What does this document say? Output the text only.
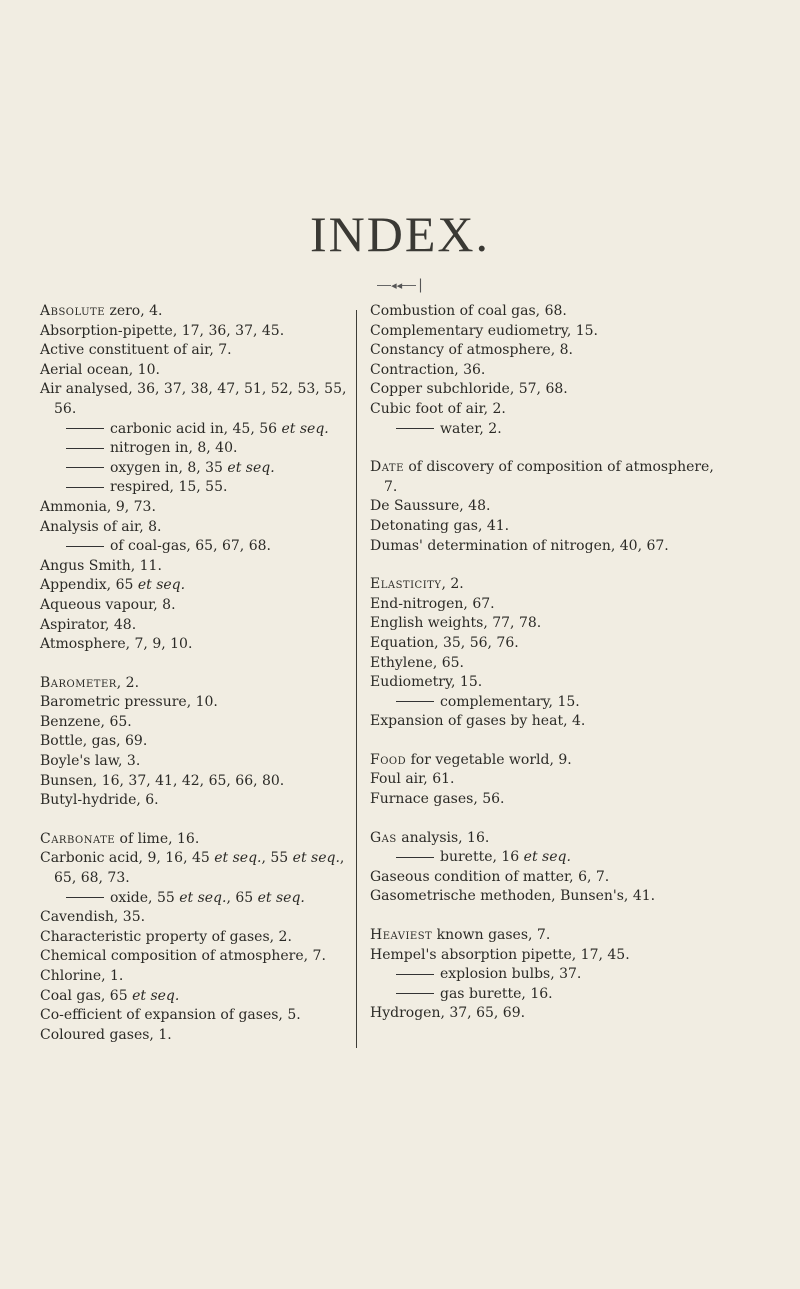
INDEX.
◂◂ |
Absolute zero, 4.
Absorption-pipette, 17, 36, 37, 45.
Active constituent of air, 7.
Aerial ocean, 10.
Air analysed, 36, 37, 38, 47, 51, 52, 53, 55, 56.
carbonic acid in, 45, 56 et seq.
nitrogen in, 8, 40.
oxygen in, 8, 35 et seq.
respired, 15, 55.
Ammonia, 9, 73.
Analysis of air, 8.
of coal-gas, 65, 67, 68.
Angus Smith, 11.
Appendix, 65 et seq.
Aqueous vapour, 8.
Aspirator, 48.
Atmosphere, 7, 9, 10.
Barometer, 2.
Barometric pressure, 10.
Benzene, 65.
Bottle, gas, 69.
Boyle's law, 3.
Bunsen, 16, 37, 41, 42, 65, 66, 80.
Butyl-hydride, 6.
Carbonate of lime, 16.
Carbonic acid, 9, 16, 45 et seq., 55 et seq., 65, 68, 73.
oxide, 55 et seq., 65 et seq.
Cavendish, 35.
Characteristic property of gases, 2.
Chemical composition of atmosphere, 7.
Chlorine, 1.
Coal gas, 65 et seq.
Co-efficient of expansion of gases, 5.
Coloured gases, 1.
Combustion of coal gas, 68.
Complementary eudiometry, 15.
Constancy of atmosphere, 8.
Contraction, 36.
Copper subchloride, 57, 68.
Cubic foot of air, 2.
water, 2.
Date of discovery of composition of atmosphere, 7.
De Saussure, 48.
Detonating gas, 41.
Dumas' determination of nitrogen, 40, 67.
Elasticity, 2.
End-nitrogen, 67.
English weights, 77, 78.
Equation, 35, 56, 76.
Ethylene, 65.
Eudiometry, 15.
complementary, 15.
Expansion of gases by heat, 4.
Food for vegetable world, 9.
Foul air, 61.
Furnace gases, 56.
Gas analysis, 16.
burette, 16 et seq.
Gaseous condition of matter, 6, 7.
Gasometrische methoden, Bunsen's, 41.
Heaviest known gases, 7.
Hempel's absorption pipette, 17, 45.
explosion bulbs, 37.
gas burette, 16.
Hydrogen, 37, 65, 69.
